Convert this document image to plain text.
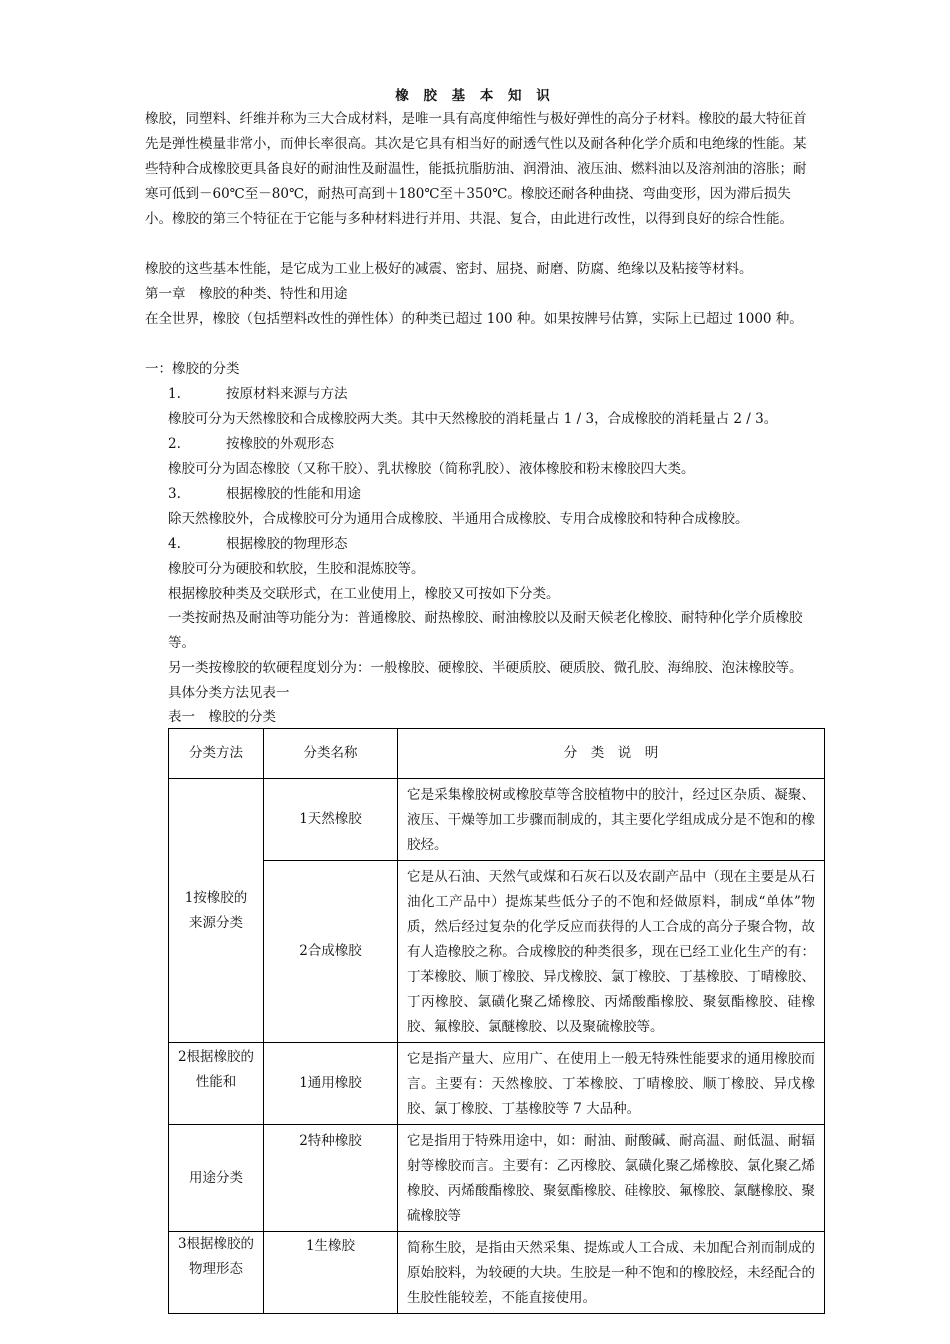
橡 胶 基 本 知 识
橡胶，同塑料、纤维并称为三大合成材料，是唯一具有高度伸缩性与极好弹性的高分子材料。橡胶的最大特征首先是弹性模量非常小，而伸长率很高。其次是它具有相当好的耐透气性以及耐各种化学介质和电绝缘的性能。某些特种合成橡胶更具备良好的耐油性及耐温性，能抵抗脂肪油、润滑油、液压油、燃料油以及溶剂油的溶胀；耐寒可低到－60℃至－80℃，耐热可高到＋180℃至＋350℃。橡胶还耐各种曲挠、弯曲变形，因为滞后损失小。橡胶的第三个特征在于它能与多种材料进行并用、共混、复合，由此进行改性，以得到良好的综合性能。
橡胶的这些基本性能，是它成为工业上极好的减震、密封、屈挠、耐磨、防腐、绝缘以及粘接等材料。
第一章　橡胶的种类、特性和用途
在全世界，橡胶（包括塑料改性的弹性体）的种类已超过 100 种。如果按牌号估算，实际上已超过 1000 种。
一：橡胶的分类
1.	按原材料来源与方法
橡胶可分为天然橡胶和合成橡胶两大类。其中天然橡胶的消耗量占 1 / 3，合成橡胶的消耗量占 2 / 3。
2.	按橡胶的外观形态
橡胶可分为固态橡胶（又称干胶）、乳状橡胶（简称乳胶）、液体橡胶和粉末橡胶四大类。
3.	根据橡胶的性能和用途
除天然橡胶外，合成橡胶可分为通用合成橡胶、半通用合成橡胶、专用合成橡胶和特种合成橡胶。
4.	根据橡胶的物理形态
橡胶可分为硬胶和软胶，生胶和混炼胶等。
根据橡胶种类及交联形式，在工业使用上，橡胶又可按如下分类。
一类按耐热及耐油等功能分为：普通橡胶、耐热橡胶、耐油橡胶以及耐天候老化橡胶、耐特种化学介质橡胶等。
另一类按橡胶的软硬程度划分为：一般橡胶、硬橡胶、半硬质胶、硬质胶、微孔胶、海绵胶、泡沫橡胶等。具体分类方法见表一
表一　橡胶的分类
分类方法	分类名称	分　类　说　明
1按橡胶的来源分类	1天然橡胶	它是采集橡胶树或橡胶草等含胶植物中的胶汁，经过区杂质、凝聚、液压、干燥等加工步骤而制成的，其主要化学组成成分是不饱和的橡胶烃。
	2合成橡胶	它是从石油、天然气或煤和石灰石以及农副产品中（现在主要是从石油化工产品中）提炼某些低分子的不饱和烃做原料，制成“单体”物质，然后经过复杂的化学反应而获得的人工合成的高分子聚合物，故有人造橡胶之称。合成橡胶的种类很多，现在已经工业化生产的有：丁苯橡胶、顺丁橡胶、异戊橡胶、氯丁橡胶、丁基橡胶、丁晴橡胶、丁丙橡胶、氯磺化聚乙烯橡胶、丙烯酸酯橡胶、聚氨酯橡胶、硅橡胶、氟橡胶、氯醚橡胶、以及聚硫橡胶等。
2根据橡胶的性能和	1通用橡胶	它是指产量大、应用广、在使用上一般无特殊性能要求的通用橡胶而言。主要有：天然橡胶、丁苯橡胶、丁晴橡胶、顺丁橡胶、异戊橡胶、氯丁橡胶、丁基橡胶等 7 大品种。
用途分类	2特种橡胶	它是指用于特殊用途中，如：耐油、耐酸碱、耐高温、耐低温、耐辐射等橡胶而言。主要有：乙丙橡胶、氯磺化聚乙烯橡胶、氯化聚乙烯橡胶、丙烯酸酯橡胶、聚氨酯橡胶、硅橡胶、氟橡胶、氯醚橡胶、聚硫橡胶等
3根据橡胶的物理形态	1生橡胶	简称生胶，是指由天然采集、提炼或人工合成、未加配合剂而制成的原始胶料，为较硬的大块。生胶是一种不饱和的橡胶烃，未经配合的生胶性能较差，不能直接使用。
